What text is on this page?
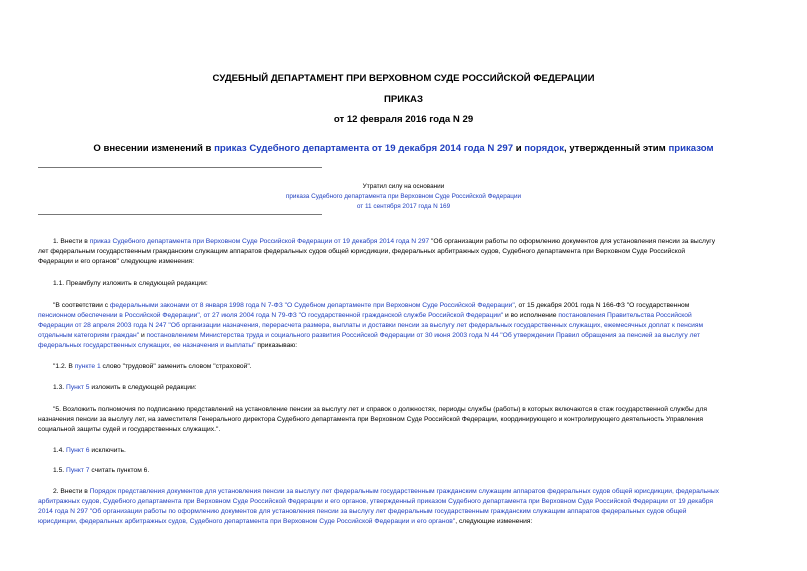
СУДЕБНЫЙ ДЕПАРТАМЕНТ ПРИ ВЕРХОВНОМ СУДЕ РОССИЙСКОЙ ФЕДЕРАЦИИ
ПРИКАЗ
от 12 февраля 2016 года N 29
О внесении изменений в приказ Судебного департамента от 19 декабря 2014 года N 297 и порядок, утвержденный этим приказом
Утратил силу на основании
приказа Судебного департамента при Верховном Суде Российской Федерации
от 11 сентября 2017 года N 169
1. Внести в приказ Судебного департамента при Верховном Суде Российской Федерации от 19 декабря 2014 года N 297 "Об организации работы по оформлению документов для установления пенсии за выслугу
лет федеральным государственным гражданским служащим аппаратов федеральных судов общей юрисдикции, федеральных арбитражных судов, Судебного департамента при Верховном Суде Российской
Федерации и его органов" следующие изменения:
1.1. Преамбулу изложить в следующей редакции:
"В соответствии с федеральными законами от 8 января 1998 года N 7-ФЗ "О Судебном департаменте при Верховном Суде Российской Федерации", от 15 декабря 2001 года N 166-ФЗ "О государственном
пенсионном обеспечении в Российской Федерации", от 27 июля 2004 года N 79-ФЗ "О государственной гражданской службе Российской Федерации" и во исполнение постановления Правительства Российской
Федерации от 28 апреля 2003 года N 247 "Об организации назначения, перерасчета размера, выплаты и доставки пенсии за выслугу лет федеральных государственных служащих, ежемесячных доплат к пенсиям
отдельным категориям граждан" и постановлением Министерства труда и социального развития Российской Федерации от 30 июня 2003 года N 44 "Об утверждении Правил обращения за пенсией за выслугу лет
федеральных государственных служащих, ее назначения и выплаты" приказываю:
"1.2. В пункте 1 слово "трудовой" заменить словом "страховой".
1.3. Пункт 5 изложить в следующей редакции:
"5. Возложить полномочия по подписанию представлений на установление пенсии за выслугу лет и справок о должностях, периоды службы (работы) в которых включаются в стаж государственной службы для
назначения пенсии за выслугу лет, на заместителя Генерального директора Судебного департамента при Верховном Суде Российской Федерации, координирующего и контролирующего деятельность Управления
социальной защиты судей и государственных служащих.".
1.4. Пункт 6 исключить.
1.5. Пункт 7 считать пунктом 6.
2. Внести в Порядок представления документов для установления пенсии за выслугу лет федеральным государственным гражданским служащим аппаратов федеральных судов общей юрисдикции, федеральных
арбитражных судов, Судебного департамента при Верховном Суде Российской Федерации и его органов, утвержденный приказом Судебного департамента при Верховном Суде Российской Федерации от 19 декабря
2014 года N 297 "Об организации работы по оформлению документов для установления пенсии за выслугу лет федеральным государственным гражданским служащим аппаратов федеральных судов общей
юрисдикции, федеральных арбитражных судов, Судебного департамента при Верховном Суде Российской Федерации и его органов", следующие изменения:
